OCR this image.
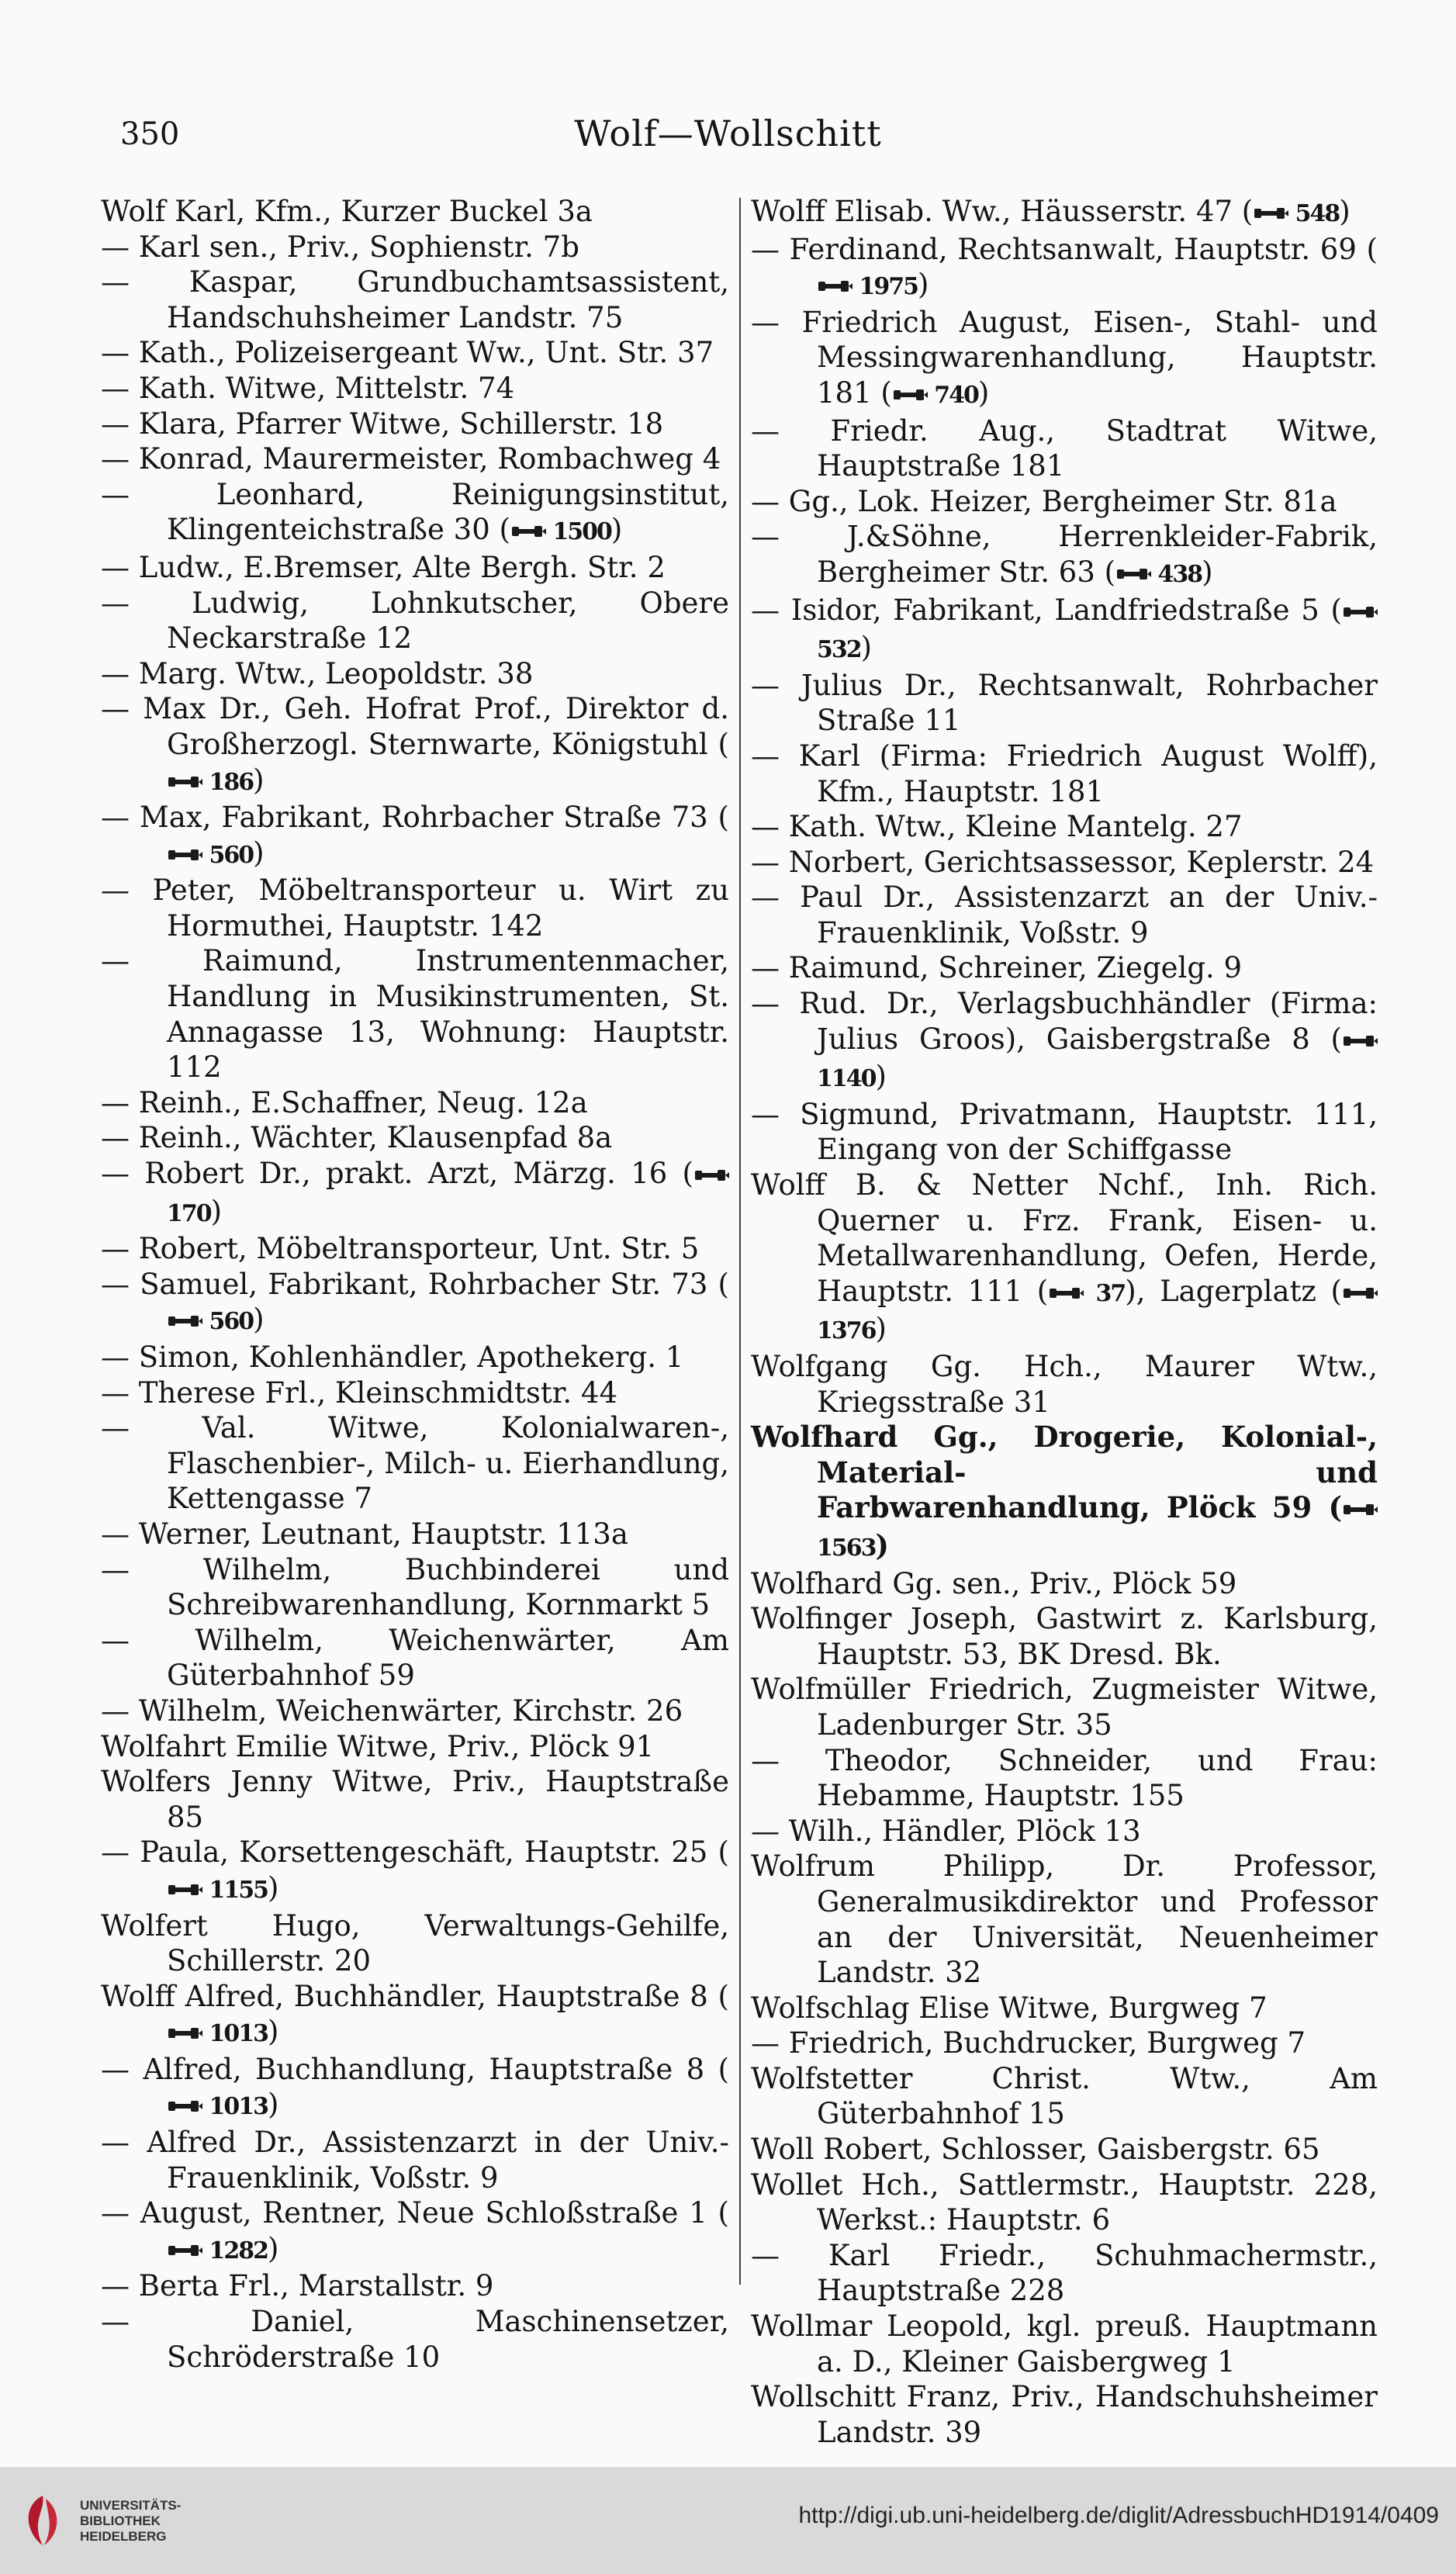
350	Wolf—Wollschitt

Wolf Karl, Kfm., Kurzer Buckel 3a

— Karl sen., Priv., Sophienstr. 7b

— Kaspar, Grundbuchamtsassistent, Handschuhsheimer Landstr. 75

— Kath., Polizeisergeant Ww., Unt. Str. 37

— Kath. Witwe, Mittelstr. 74

— Klara, Pfarrer Witwe, Schillerstr. 18

— Konrad, Maurermeister, Rombachweg 4

— Leonhard, Reinigungsinstitut, Klingenteichstraße 30 ( 1500)

— Ludw., E.Bremser, Alte Bergh. Str. 2

— Ludwig, Lohnkutscher, Obere Neckarstraße 12

— Marg. Wtw., Leopoldstr. 38

— Max Dr., Geh. Hofrat Prof., Direktor d. Großherzogl. Sternwarte, Königstuhl ( 186)

— Max, Fabrikant, Rohrbacher Straße 73 ( 560)

— Peter, Möbeltransporteur u. Wirt zu Hormuthei, Hauptstr. 142

— Raimund, Instrumentenmacher, Handlung in Musikinstrumenten, St. Annagasse 13, Wohnung: Hauptstr. 112

— Reinh., E.Schaffner, Neug. 12a

— Reinh., Wächter, Klausenpfad 8a

— Robert Dr., prakt. Arzt, Märzg. 16 ( 170)

— Robert, Möbeltransporteur, Unt. Str. 5

— Samuel, Fabrikant, Rohrbacher Str. 73 ( 560)

— Simon, Kohlenhändler, Apothekerg. 1

— Therese Frl., Kleinschmidtstr. 44

— Val. Witwe, Kolonialwaren-, Flaschenbier-, Milch- u. Eierhandlung, Kettengasse 7

— Werner, Leutnant, Hauptstr. 113a

— Wilhelm, Buchbinderei und Schreibwarenhandlung, Kornmarkt 5

— Wilhelm, Weichenwärter, Am Güterbahnhof 59

— Wilhelm, Weichenwärter, Kirchstr. 26

Wolfahrt Emilie Witwe, Priv., Plöck 91

Wolfers Jenny Witwe, Priv., Hauptstraße 85

— Paula, Korsettengeschäft, Hauptstr. 25 ( 1155)

Wolfert Hugo, Verwaltungs-Gehilfe, Schillerstr. 20

Wolff Alfred, Buchhändler, Hauptstraße 8 ( 1013)

— Alfred, Buchhandlung, Hauptstraße 8 ( 1013)

— Alfred Dr., Assistenzarzt in der Univ.-Frauenklinik, Voßstr. 9

— August, Rentner, Neue Schloßstraße 1 ( 1282)

— Berta Frl., Marstallstr. 9

— Daniel, Maschinensetzer, Schröderstraße 10

Wolff Elisab. Ww., Häusserstr. 47 ( 548)

— Ferdinand, Rechtsanwalt, Hauptstr. 69 ( 1975)

— Friedrich August, Eisen-, Stahl- und Messingwarenhandlung, Hauptstr. 181 ( 740)

— Friedr. Aug., Stadtrat Witwe, Hauptstraße 181

— Gg., Lok. Heizer, Bergheimer Str. 81a

— J.&Söhne, Herrenkleider-Fabrik, Bergheimer Str. 63 ( 438)

— Isidor, Fabrikant, Landfriedstraße 5 ( 532)

— Julius Dr., Rechtsanwalt, Rohrbacher Straße 11

— Karl (Firma: Friedrich August Wolff), Kfm., Hauptstr. 181

— Kath. Wtw., Kleine Mantelg. 27

— Norbert, Gerichtsassessor, Keplerstr. 24

— Paul Dr., Assistenzarzt an der Univ.-Frauenklinik, Voßstr. 9

— Raimund, Schreiner, Ziegelg. 9

— Rud. Dr., Verlagsbuchhändler (Firma: Julius Groos), Gaisbergstraße 8 ( 1140)

— Sigmund, Privatmann, Hauptstr. 111, Eingang von der Schiffgasse

Wolff B. & Netter Nchf., Inh. Rich. Querner u. Frz. Frank, Eisen- u. Metallwarenhandlung, Oefen, Herde, Hauptstr. 111 ( 37), Lagerplatz ( 1376)

Wolfgang Gg. Hch., Maurer Wtw., Kriegsstraße 31

Wolfhard Gg., Drogerie, Kolonial-, Material- und Farbwarenhandlung, Plöck 59 ( 1563)

Wolfhard Gg. sen., Priv., Plöck 59

Wolfinger Joseph, Gastwirt z. Karlsburg, Hauptstr. 53, BK Dresd. Bk.

Wolfmüller Friedrich, Zugmeister Witwe, Ladenburger Str. 35

— Theodor, Schneider, und Frau: Hebamme, Hauptstr. 155

— Wilh., Händler, Plöck 13

Wolfrum Philipp, Dr. Professor, Generalmusikdirektor und Professor an der Universität, Neuenheimer Landstr. 32

Wolfschlag Elise Witwe, Burgweg 7

— Friedrich, Buchdrucker, Burgweg 7

Wolfstetter Christ. Wtw., Am Güterbahnhof 15

Woll Robert, Schlosser, Gaisbergstr. 65

Wollet Hch., Sattlermstr., Hauptstr. 228, Werkst.: Hauptstr. 6

— Karl Friedr., Schuhmachermstr., Hauptstraße 228

Wollmar Leopold, kgl. preuß. Hauptmann a. D., Kleiner Gaisbergweg 1

Wollschitt Franz, Priv., Handschuhsheimer Landstr. 39

UNIVERSITÄTS-
BIBLIOTHEK
HEIDELBERG
http://digi.ub.uni-heidelberg.de/diglit/AdressbuchHD1914/0409
